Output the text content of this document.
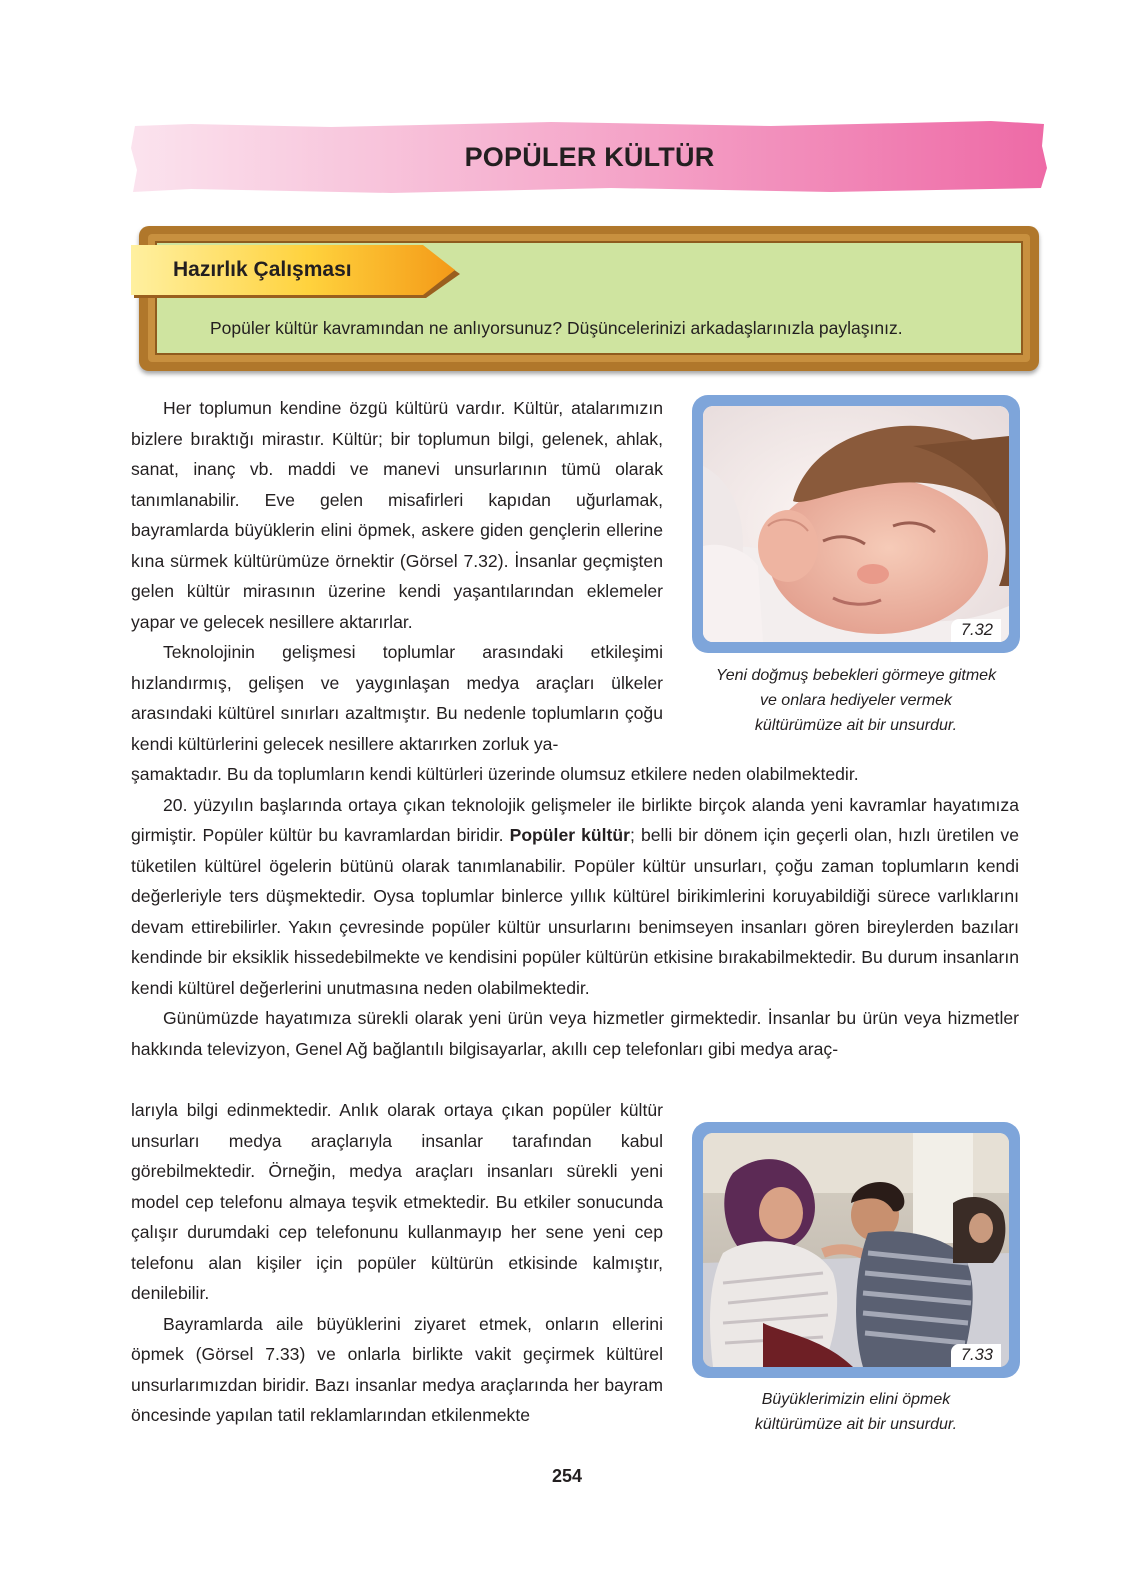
POPÜLER KÜLTÜR
Hazırlık Çalışması
Popüler kültür kavramından ne anlıyorsunuz? Düşüncelerinizi arkadaşlarınızla paylaşınız.

Her toplumun kendine özgü kültürü vardır. Kültür, atalarımızın bizlere bıraktığı mirastır. Kültür; bir toplumun bilgi, gelenek, ahlak, sanat, inanç vb. maddi ve manevi unsurlarının tümü olarak tanımlanabilir. Eve gelen misafirleri kapıdan uğurlamak, bayramlarda büyüklerin elini öpmek, askere giden gençlerin ellerine kına sürmek kültürümüze örnektir (Görsel 7.32). İnsanlar geçmişten gelen kültür mirasının üzerine kendi yaşantılarından eklemeler yapar ve gelecek nesillere aktarırlar.

Teknolojinin gelişmesi toplumlar arasındaki etkileşimi hızlandırmış, gelişen ve yaygınlaşan medya araçları ülkeler arasındaki kültürel sınırları azaltmıştır. Bu nedenle toplumların çoğu kendi kültürlerini gelecek nesillere aktarırken zorluk ya-

7.32
Yeni doğmuş bebekleri görmeye gitmek
ve onlara hediyeler vermek
kültürümüze ait bir unsurdur.

şamaktadır. Bu da toplumların kendi kültürleri üzerinde olumsuz etkilere neden olabilmektedir.

20. yüzyılın başlarında ortaya çıkan teknolojik gelişmeler ile birlikte birçok alanda yeni kavramlar hayatımıza girmiştir. Popüler kültür bu kavramlardan biridir. Popüler kültür; belli bir dönem için geçerli olan, hızlı üretilen ve tüketilen kültürel ögelerin bütünü olarak tanımlanabilir. Popüler kültür unsurları, çoğu zaman toplumların kendi değerleriyle ters düşmektedir. Oysa toplumlar binlerce yıllık kültürel birikimlerini koruyabildiği sürece varlıklarını devam ettirebilirler. Yakın çevresinde popüler kültür unsurlarını benimseyen insanları gören bireylerden bazıları kendinde bir eksiklik hissedebilmekte ve kendisini popüler kültürün etkisine bırakabilmektedir. Bu durum insanların kendi kültürel değerlerini unutmasına neden olabilmektedir.

Günümüzde hayatımıza sürekli olarak yeni ürün veya hizmetler girmektedir. İnsanlar bu ürün veya hizmetler hakkında televizyon, Genel Ağ bağlantılı bilgisayarlar, akıllı cep telefonları gibi medya araç-

larıyla bilgi edinmektedir. Anlık olarak ortaya çıkan popüler kültür unsurları medya araçlarıyla insanlar tarafından kabul görebilmektedir. Örneğin, medya araçları insanları sürekli yeni model cep telefonu almaya teşvik etmektedir. Bu etkiler sonucunda çalışır durumdaki cep telefonunu kullanmayıp her sene yeni cep telefonu alan kişiler için popüler kültürün etkisinde kalmıştır, denilebilir.

Bayramlarda aile büyüklerini ziyaret etmek, onların ellerini öpmek (Görsel 7.33) ve onlarla birlikte vakit geçirmek kültürel unsurlarımızdan biridir. Bazı insanlar medya araçlarında her bayram öncesinde yapılan tatil reklamlarından etkilenmekte

7.33
Büyüklerimizin elini öpmek
kültürümüze ait bir unsurdur.
254
